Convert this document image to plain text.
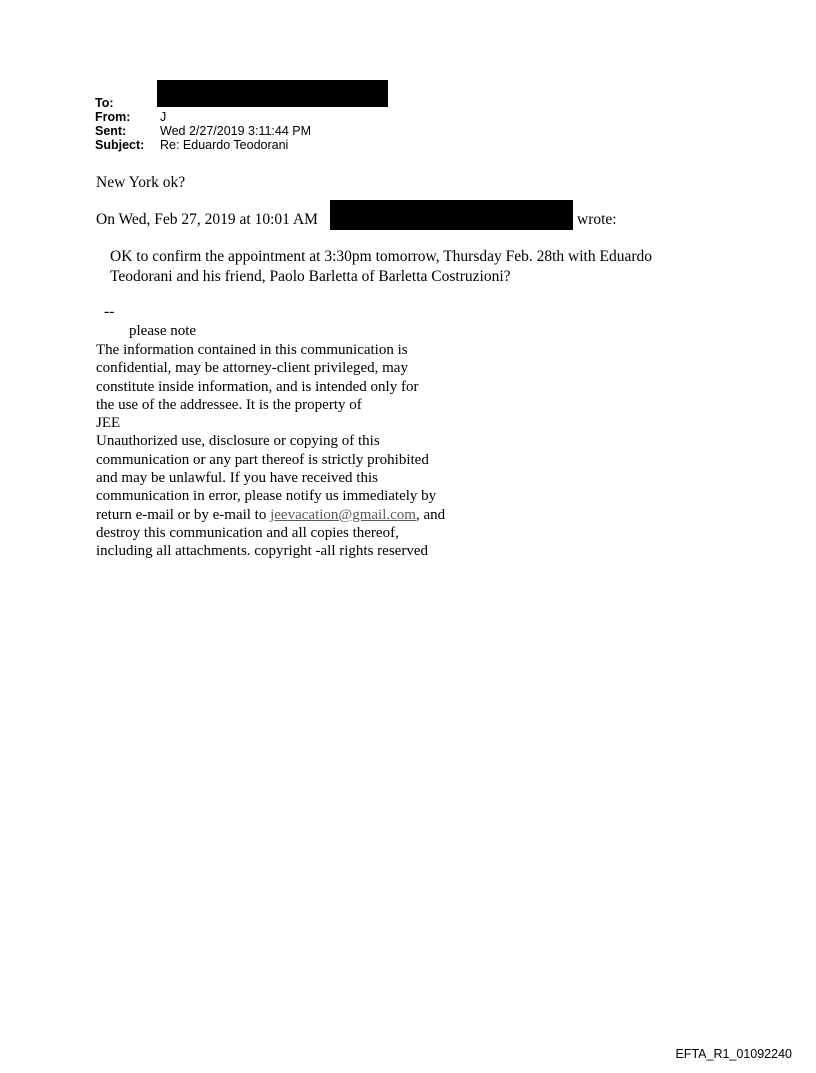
To:
From:	J
Sent:	Wed 2/27/2019 3:11:44 PM
Subject:	Re: Eduardo Teodorani
New York ok?
On Wed, Feb 27, 2019 at 10:01 AM	wrote:
OK to confirm the appointment at 3:30pm tomorrow, Thursday Feb. 28th with Eduardo
Teodorani and his friend, Paolo Barletta of Barletta Costruzioni?
--
please note
The information contained in this communication is
confidential, may be attorney-client privileged, may
constitute inside information, and is intended only for
the use of the addressee. It is the property of
JEE
Unauthorized use, disclosure or copying of this
communication or any part thereof is strictly prohibited
and may be unlawful. If you have received this
communication in error, please notify us immediately by
return e-mail or by e-mail to jeevacation@gmail.com, and
destroy this communication and all copies thereof,
including all attachments. copyright -all rights reserved
EFTA_R1_01092240
